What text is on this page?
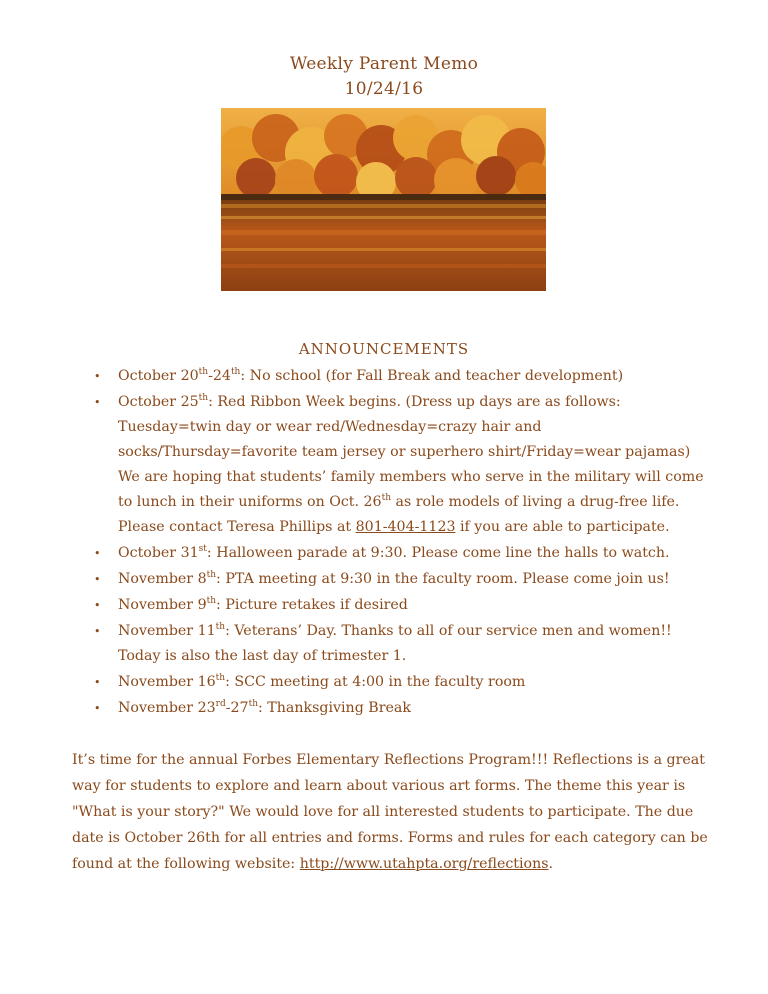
Weekly Parent Memo
10/24/16
ANNOUNCEMENTS
• October 20th-24th: No school (for Fall Break and teacher development)
• October 25th: Red Ribbon Week begins. (Dress up days are as follows: Tuesday=twin day or wear red/Wednesday=crazy hair and socks/Thursday=favorite team jersey or superhero shirt/Friday=wear pajamas) We are hoping that students’ family members who serve in the military will come to lunch in their uniforms on Oct. 26th as role models of living a drug-free life. Please contact Teresa Phillips at 801-404-1123 if you are able to participate.
• October 31st: Halloween parade at 9:30. Please come line the halls to watch.
• November 8th: PTA meeting at 9:30 in the faculty room. Please come join us!
• November 9th: Picture retakes if desired
• November 11th: Veterans’ Day. Thanks to all of our service men and women!! Today is also the last day of trimester 1.
• November 16th: SCC meeting at 4:00 in the faculty room
• November 23rd-27th: Thanksgiving Break

It’s time for the annual Forbes Elementary Reflections Program!!! Reflections is a great way for students to explore and learn about various art forms. The theme this year is "What is your story?" We would love for all interested students to participate. The due date is October 26th for all entries and forms. Forms and rules for each category can be found at the following website: http://www.utahpta.org/reflections.
